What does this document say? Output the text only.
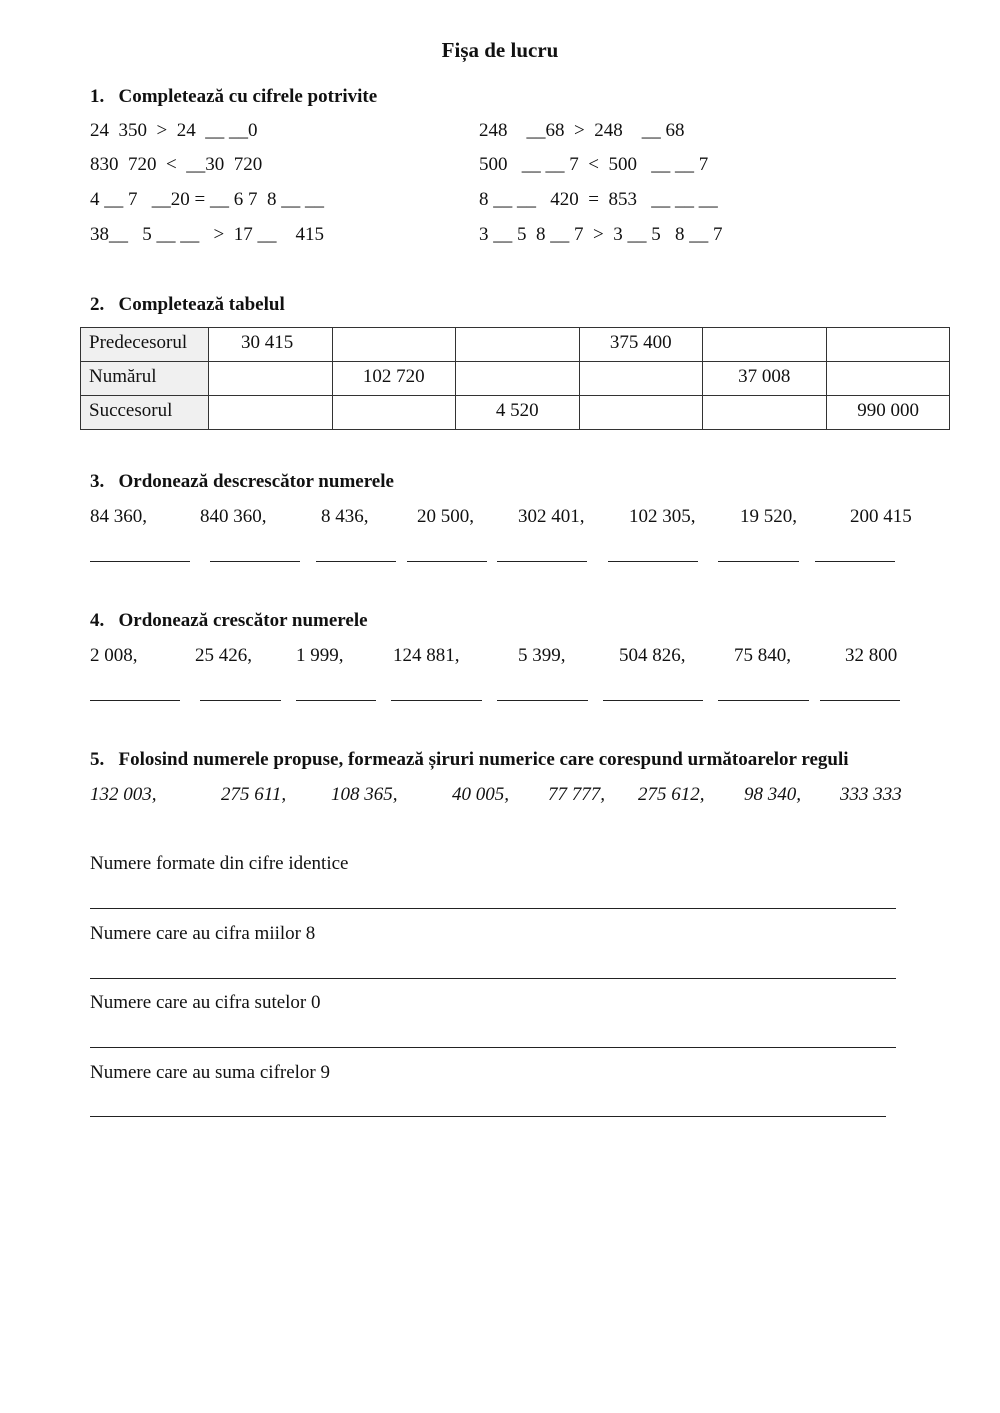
Fișa de lucru
1.   Completează cu cifrele potrivite
24  350  >  24  __ __0
830  720  <  __30  720
4 __ 7   __20 = __ 6 7  8 __ __
38__   5 __ __   >  17 __    415
248    __68  >  248    __ 68
500   __ __ 7  <  500   __ __ 7
8 __ __   420  =  853   __ __ __
3 __ 5  8 __ 7  >  3 __ 5   8 __ 7
2.   Completează tabelul
Predecesorul	30 415			375 400		
Numărul		102 720			37 008	
Succesorul			4 520			990 000
3.   Ordonează descrescător numerele
84 360,	840 360,	8 436,	20 500, 302 401, 102 305, 19 520,	200 415
4.   Ordonează crescător numerele
2 008,	25 426, 1 999,	124 881,	5 399,	504 826,	75 840,	32 800
5.   Folosind numerele propuse, formează șiruri numerice care corespund următoarelor reguli
132 003,	275 611, 108 365,	40 005, 77 777, 275 612, 98 340, 333 333
Numere formate din cifre identice
Numere care au cifra miilor 8
Numere care au cifra sutelor 0
Numere care au suma cifrelor 9
